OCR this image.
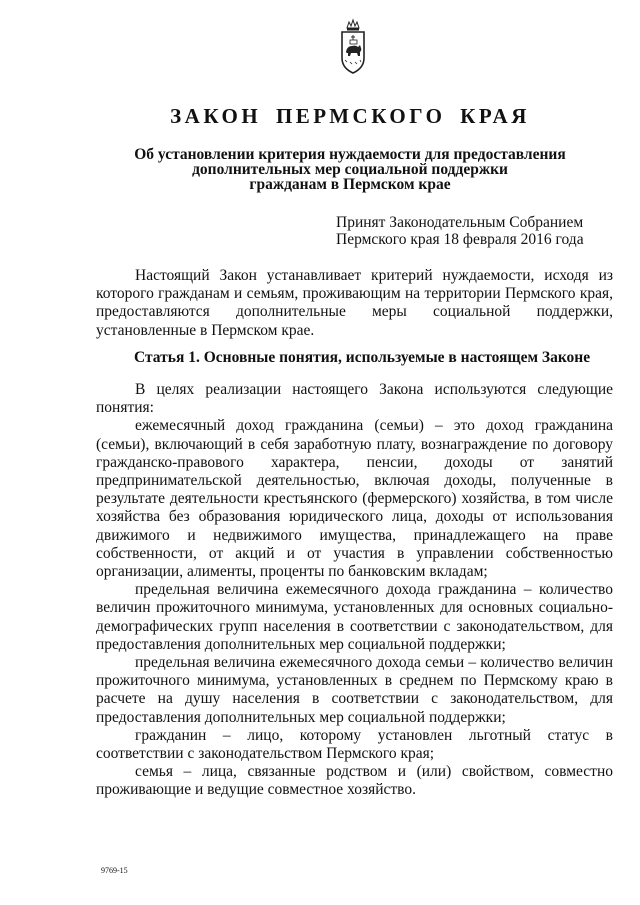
ЗАКОН ПЕРМСКОГО КРАЯ
Об установлении критерия нуждаемости для предоставления
дополнительных мер социальной поддержки
гражданам в Пермском крае
Принят Законодательным Собранием
Пермского края 18 февраля 2016 года

Настоящий Закон устанавливает критерий нуждаемости, исходя из которого гражданам и семьям, проживающим на территории Пермского края, предоставляются дополнительные меры социальной поддержки, установленные в Пермском крае.

Статья 1. Основные понятия, используемые в настоящем Законе

В целях реализации настоящего Закона используются следующие понятия:

ежемесячный доход гражданина (семьи) – это доход гражданина (семьи), включающий в себя заработную плату, вознаграждение по договору гражданско-правового характера, пенсии, доходы от занятий предпринимательской деятельностью, включая доходы, полученные в результате деятельности крестьянского (фермерского) хозяйства, в том числе хозяйства без образования юридического лица, доходы от использования движимого и недвижимого имущества, принадлежащего на праве собственности, от акций и от участия в управлении собственностью организации, алименты, проценты по банковским вкладам;

предельная величина ежемесячного дохода гражданина – количество величин прожиточного минимума, установленных для основных социально-демографических групп населения в соответствии с законодательством, для предоставления дополнительных мер социальной поддержки;

предельная величина ежемесячного дохода семьи – количество величин прожиточного минимума, установленных в среднем по Пермскому краю в расчете на душу населения в соответствии с законодательством, для предоставления дополнительных мер социальной поддержки;

гражданин – лицо, которому установлен льготный статус в соответствии с законодательством Пермского края;

семья – лица, связанные родством и (или) свойством, совместно проживающие и ведущие совместное хозяйство.

9769-15
